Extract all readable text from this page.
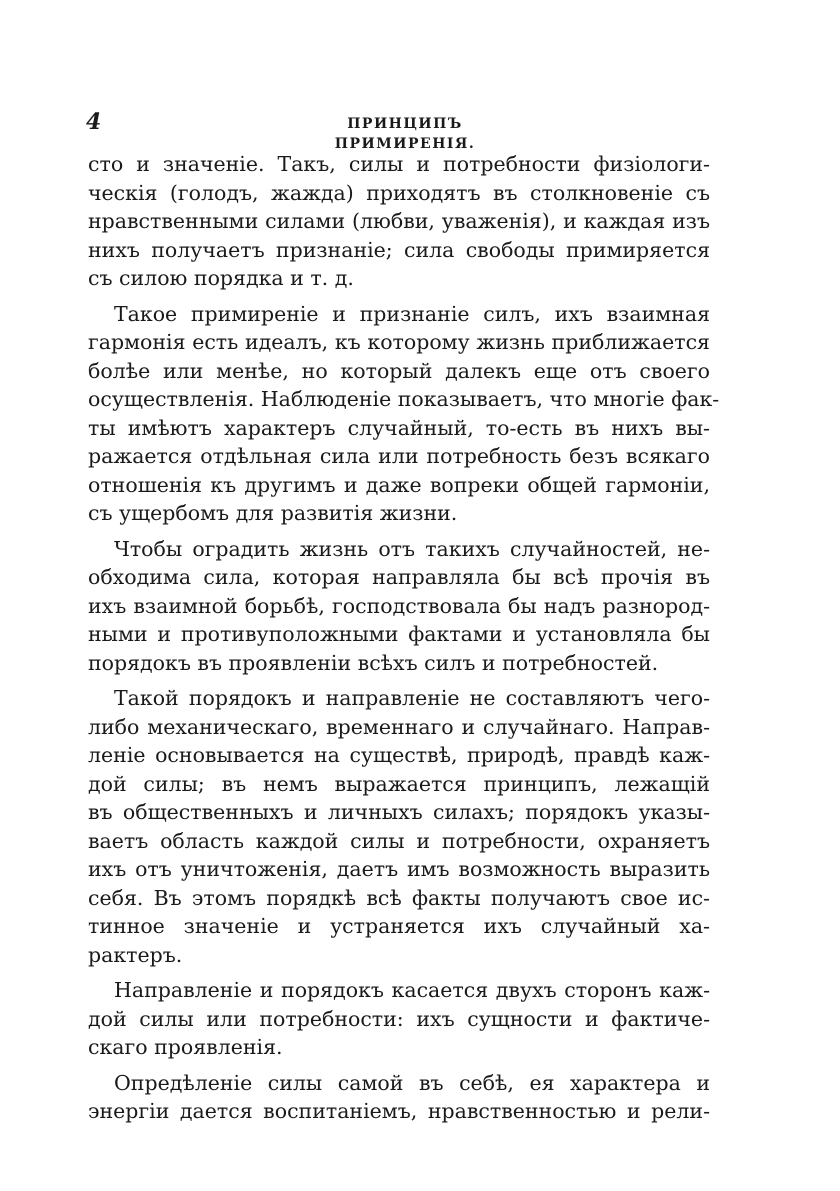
4	ПРИНЦИПЪ ПРИМИРЕНІЯ.
сто и значеніе. Такъ, силы и потребности физіологи-
ческія (голодъ, жажда) приходятъ въ столкновеніе съ
нравственными силами (любви, уваженія), и каждая изъ
нихъ получаетъ признаніе; сила свободы примиряется
съ силою порядка и т. д.
Такое примиреніе и признаніе силъ, ихъ взаимная
гармонія есть идеалъ, къ которому жизнь приближается
болѣе или менѣе, но который далекъ еще отъ своего
осуществленія. Наблюденіе показываетъ, что многіе фак-
ты имѣютъ характеръ случайный, то-есть въ нихъ вы-
ражается отдѣльная сила или потребность безъ всякаго
отношенія къ другимъ и даже вопреки общей гармоніи,
съ ущербомъ для развитія жизни.
Чтобы оградить жизнь отъ такихъ случайностей, не-
обходима сила, которая направляла бы всѣ прочія въ
ихъ взаимной борьбѣ, господствовала бы надъ разнород-
ными и противуположными фактами и установляла бы
порядокъ въ проявленіи всѣхъ силъ и потребностей.
Такой порядокъ и направленіе не составляютъ чего-
либо механическаго, временнаго и случайнаго. Направ-
леніе основывается на существѣ, природѣ, правдѣ каж-
дой силы; въ немъ выражается принципъ, лежащій
въ общественныхъ и личныхъ силахъ; порядокъ указы-
ваетъ область каждой силы и потребности, охраняетъ
ихъ отъ уничтоженія, даетъ имъ возможность выразить
себя. Въ этомъ порядкѣ всѣ факты получаютъ свое ис-
тинное значеніе и устраняется ихъ случайный ха-
рактеръ.
Направленіе и порядокъ касается двухъ сторонъ каж-
дой силы или потребности: ихъ сущности и фактиче-
скаго проявленія.
Опредѣленіе силы самой въ себѣ, ея характера и
энергіи дается воспитаніемъ, нравственностью и рели-
